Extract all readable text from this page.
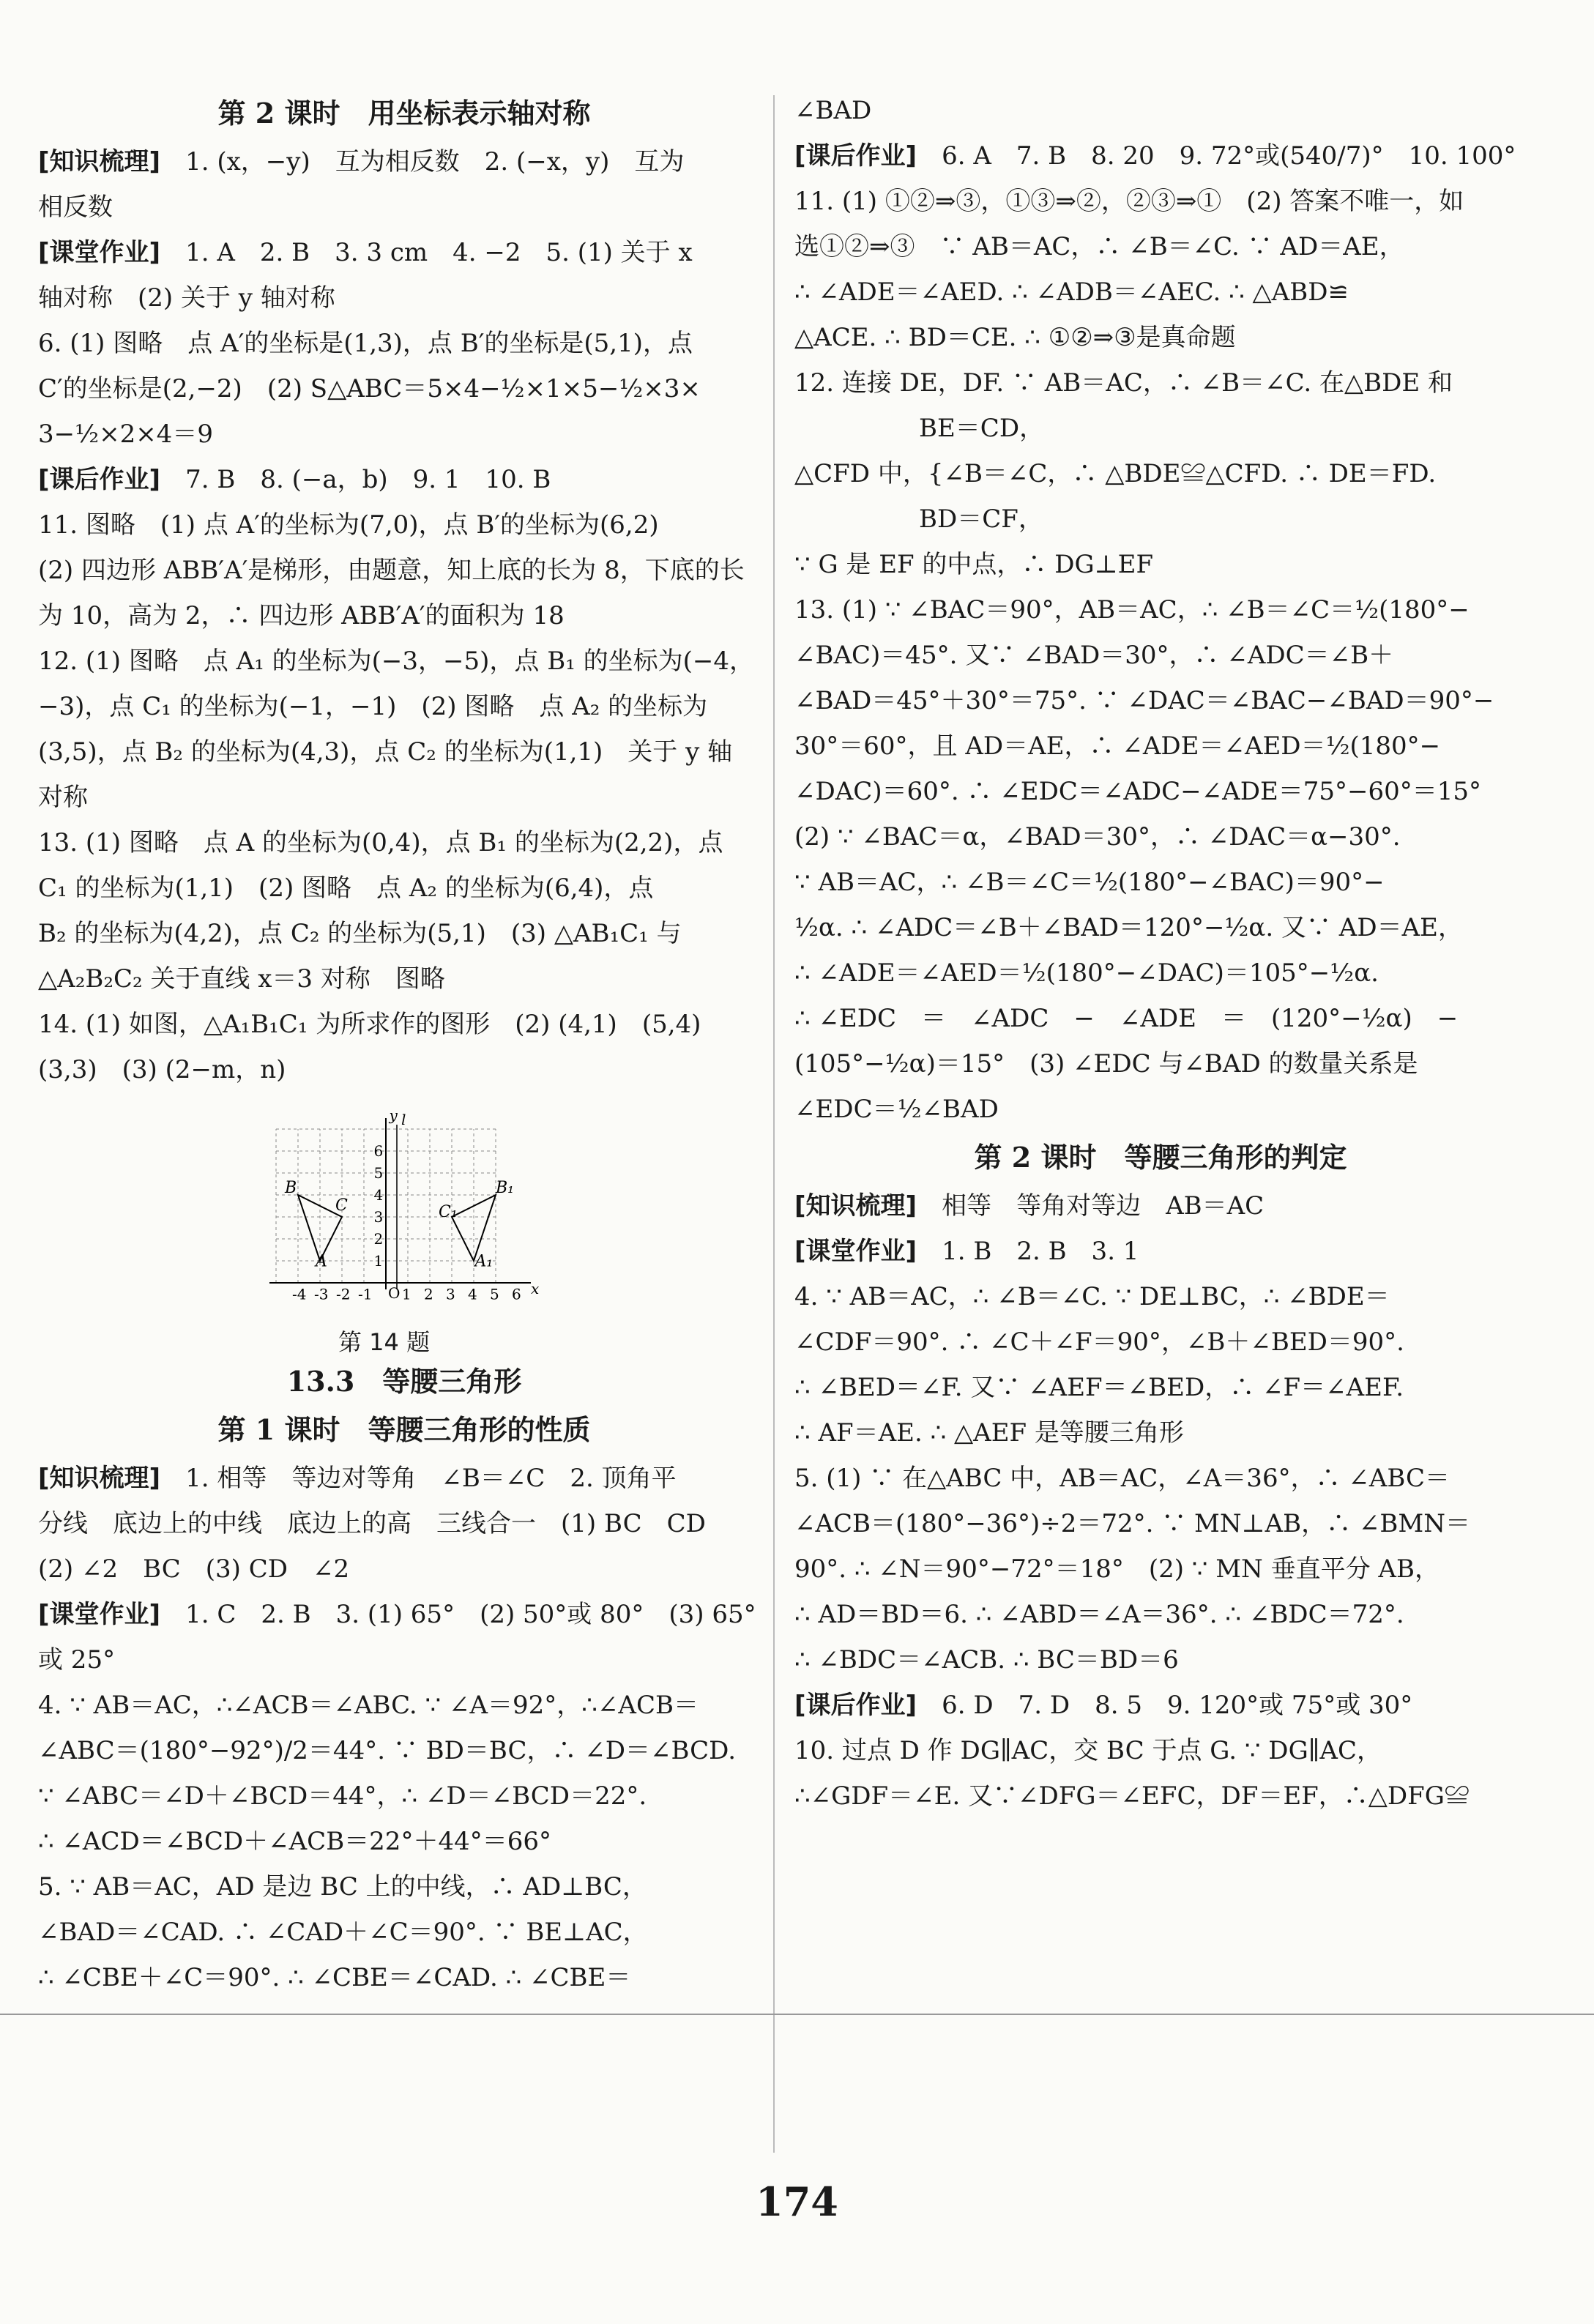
第 2 课时　用坐标表示轴对称
[ 知识梳理 ]　 1. (x，−y)　互为相反数　2. (−x，y)　互为
相反数
[ 课堂作业 ]　 1. A　2. B　3. 3 cm　4. −2　5. (1) 关于 x
轴对称　(2) 关于 y 轴对称
6. (1) 图略　点 A′的坐标是(1,3)，点 B′的坐标是(5,1)，点
C′的坐标是(2,−2)　(2) S△ABC＝5×4−½×1×5−½×3×
3−½×2×4＝9
[ 课后作业 ]　 7. B　8. (−a，b)　9. 1　10. B
11. 图略　(1) 点 A′的坐标为(7,0)，点 B′的坐标为(6,2)
(2) 四边形 ABB′A′是梯形，由题意，知上底的长为 8，下底的长
为 10，高为 2，∴ 四边形 ABB′A′的面积为 18
12. (1) 图略　点 A₁ 的坐标为(−3，−5)，点 B₁ 的坐标为(−4，
−3)，点 C₁ 的坐标为(−1，−1)　(2) 图略　点 A₂ 的坐标为
(3,5)，点 B₂ 的坐标为(4,3)，点 C₂ 的坐标为(1,1)　关于 y 轴
对称
13. (1) 图略　点 A 的坐标为(0,4)，点 B₁ 的坐标为(2,2)，点
C₁ 的坐标为(1,1)　(2) 图略　点 A₂ 的坐标为(6,4)，点
B₂ 的坐标为(4,2)，点 C₂ 的坐标为(5,1)　(3) △AB₁C₁ 与
△A₂B₂C₂ 关于直线 x＝3 对称　图略
14. (1) 如图，△A₁B₁C₁ 为所求作的图形　(2) (4,1)　(5,4)
(3,3)　(3) (2−m，n)
y l
x
O
-4 -3 -2 -1 1 2 3 4 5 6
1
2
3
4
5
6
B
C
A
B₁
C₁
A₁
第 14 题
13.3　等腰三角形
第 1 课时　等腰三角形的性质
[ 知识梳理 ]　 1. 相等　等边对等角　∠B＝∠C　2. 顶角平
分线　底边上的中线　底边上的高　三线合一　(1) BC　CD
(2) ∠2　BC　(3) CD　∠2
[ 课堂作业 ]　 1. C　2. B　3. (1) 65°　(2) 50°或 80°　(3) 65°
或 25°
4. ∵ AB＝AC，∴∠ACB＝∠ABC. ∵ ∠A＝92°，∴∠ACB＝
∠ABC＝(180°−92°)/2＝44°. ∵ BD＝BC，∴ ∠D＝∠BCD.
∵ ∠ABC＝∠D＋∠BCD＝44°，∴ ∠D＝∠BCD＝22°.
∴ ∠ACD＝∠BCD＋∠ACB＝22°＋44°＝66°
5. ∵ AB＝AC，AD 是边 BC 上的中线，∴ AD⊥BC，
∠BAD＝∠CAD. ∴ ∠CAD＋∠C＝90°. ∵ BE⊥AC，
∴ ∠CBE＋∠C＝90°. ∴ ∠CBE＝∠CAD. ∴ ∠CBE＝
∠BAD
[ 课后作业 ]　 6. A　7. B　8. 20　9. 72°或(540/7)°　10. 100°
11. (1) ①②⇒③，①③⇒②，②③⇒①　(2) 答案不唯一，如
选①②⇒③　∵ AB＝AC，∴ ∠B＝∠C. ∵ AD＝AE，
∴ ∠ADE＝∠AED. ∴ ∠ADB＝∠AEC. ∴ △ABD≌
△ACE. ∴ BD＝CE. ∴ ①②⇒③是真命题
12. 连接 DE，DF. ∵ AB＝AC，∴ ∠B＝∠C. 在△BDE 和
　　　　　BE＝CD，
△CFD 中，{∠B＝∠C，∴ △BDE≌△CFD. ∴ DE＝FD.
　　　　　BD＝CF，
∵ G 是 EF 的中点，∴ DG⊥EF
13. (1) ∵ ∠BAC＝90°，AB＝AC，∴ ∠B＝∠C＝½(180°−
∠BAC)＝45°. 又∵ ∠BAD＝30°，∴ ∠ADC＝∠B＋
∠BAD＝45°＋30°＝75°. ∵ ∠DAC＝∠BAC−∠BAD＝90°−
30°＝60°，且 AD＝AE，∴ ∠ADE＝∠AED＝½(180°−
∠DAC)＝60°. ∴ ∠EDC＝∠ADC−∠ADE＝75°−60°＝15°
(2) ∵ ∠BAC＝α，∠BAD＝30°，∴ ∠DAC＝α−30°.
∵ AB＝AC，∴ ∠B＝∠C＝½(180°−∠BAC)＝90°−
½α. ∴ ∠ADC＝∠B＋∠BAD＝120°−½α. 又∵ AD＝AE，
∴ ∠ADE＝∠AED＝½(180°−∠DAC)＝105°−½α.
∴ ∠EDC　＝　∠ADC　−　∠ADE　＝　(120°−½α)　−
(105°−½α)＝15°　(3) ∠EDC 与∠BAD 的数量关系是
∠EDC＝½∠BAD
第 2 课时　等腰三角形的判定
[ 知识梳理 ]　 相等　等角对等边　AB＝AC
[ 课堂作业 ]　 1. B　2. B　3. 1
4. ∵ AB＝AC，∴ ∠B＝∠C. ∵ DE⊥BC，∴ ∠BDE＝
∠CDF＝90°. ∴ ∠C＋∠F＝90°，∠B＋∠BED＝90°.
∴ ∠BED＝∠F. 又∵ ∠AEF＝∠BED，∴ ∠F＝∠AEF.
∴ AF＝AE. ∴ △AEF 是等腰三角形
5. (1) ∵ 在△ABC 中，AB＝AC，∠A＝36°，∴ ∠ABC＝
∠ACB＝(180°−36°)÷2＝72°. ∵ MN⊥AB，∴ ∠BMN＝
90°. ∴ ∠N＝90°−72°＝18°　(2) ∵ MN 垂直平分 AB，
∴ AD＝BD＝6. ∴ ∠ABD＝∠A＝36°. ∴ ∠BDC＝72°.
∴ ∠BDC＝∠ACB. ∴ BC＝BD＝6
[ 课后作业 ]　 6. D　7. D　8. 5　9. 120°或 75°或 30°
10. 过点 D 作 DG∥AC，交 BC 于点 G. ∵ DG∥AC，
∴∠GDF＝∠E. 又∵∠DFG＝∠EFC，DF＝EF，∴△DFG≌
174
